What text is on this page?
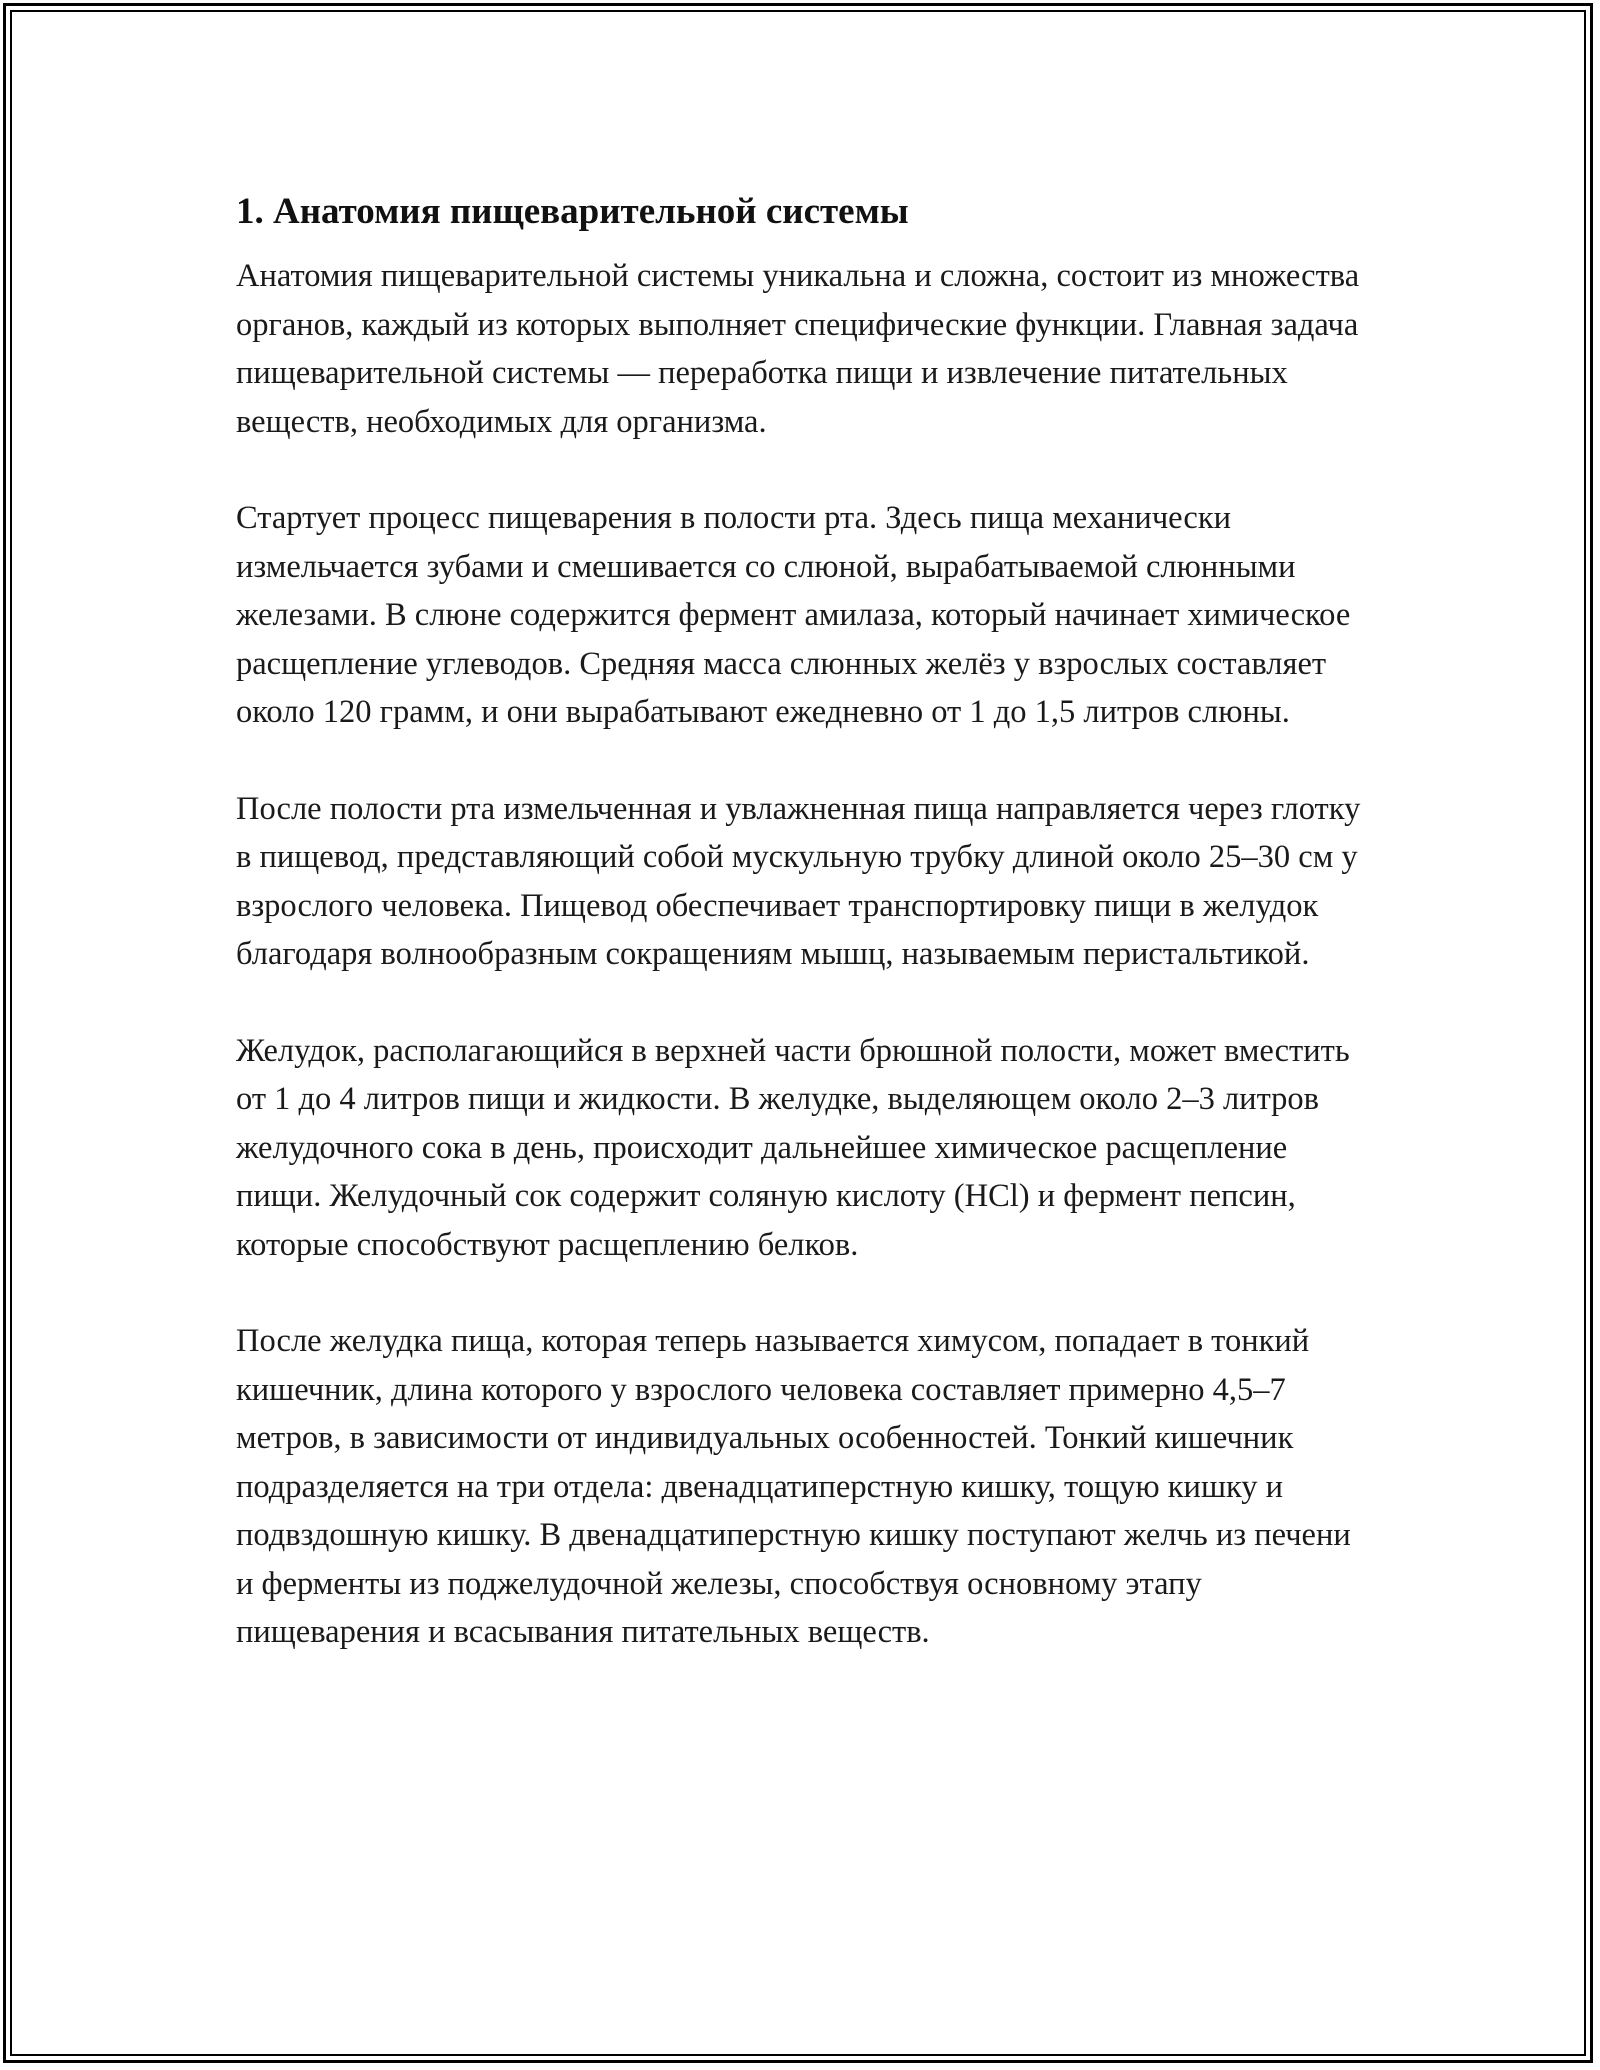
1. Анатомия пищеварительной системы

Анатомия пищеварительной системы уникальна и сложна, состоит из множества органов, каждый из которых выполняет специфические функции. Главная задача пищеварительной системы — переработка пищи и извлечение питательных веществ, необходимых для организма.

Стартует процесс пищеварения в полости рта. Здесь пища механически измельчается зубами и смешивается со слюной, вырабатываемой слюнными железами. В слюне содержится фермент амилаза, который начинает химическое расщепление углеводов. Средняя масса слюнных желёз у взрослых составляет около 120 грамм, и они вырабатывают ежедневно от 1 до 1,5 литров слюны.

После полости рта измельченная и увлажненная пища направляется через глотку в пищевод, представляющий собой мускульную трубку длиной около 25–30 см у взрослого человека. Пищевод обеспечивает транспортировку пищи в желудок благодаря волнообразным сокращениям мышц, называемым перистальтикой.

Желудок, располагающийся в верхней части брюшной полости, может вместить от 1 до 4 литров пищи и жидкости. В желудке, выделяющем около 2–3 литров желудочного сока в день, происходит дальнейшее химическое расщепление пищи. Желудочный сок содержит соляную кислоту (HCl) и фермент пепсин, которые способствуют расщеплению белков.

После желудка пища, которая теперь называется химусом, попадает в тонкий кишечник, длина которого у взрослого человека составляет примерно 4,5–7 метров, в зависимости от индивидуальных особенностей. Тонкий кишечник подразделяется на три отдела: двенадцатиперстную кишку, тощую кишку и подвздошную кишку. В двенадцатиперстную кишку поступают желчь из печени и ферменты из поджелудочной железы, способствуя основному этапу пищеварения и всасывания питательных веществ.
